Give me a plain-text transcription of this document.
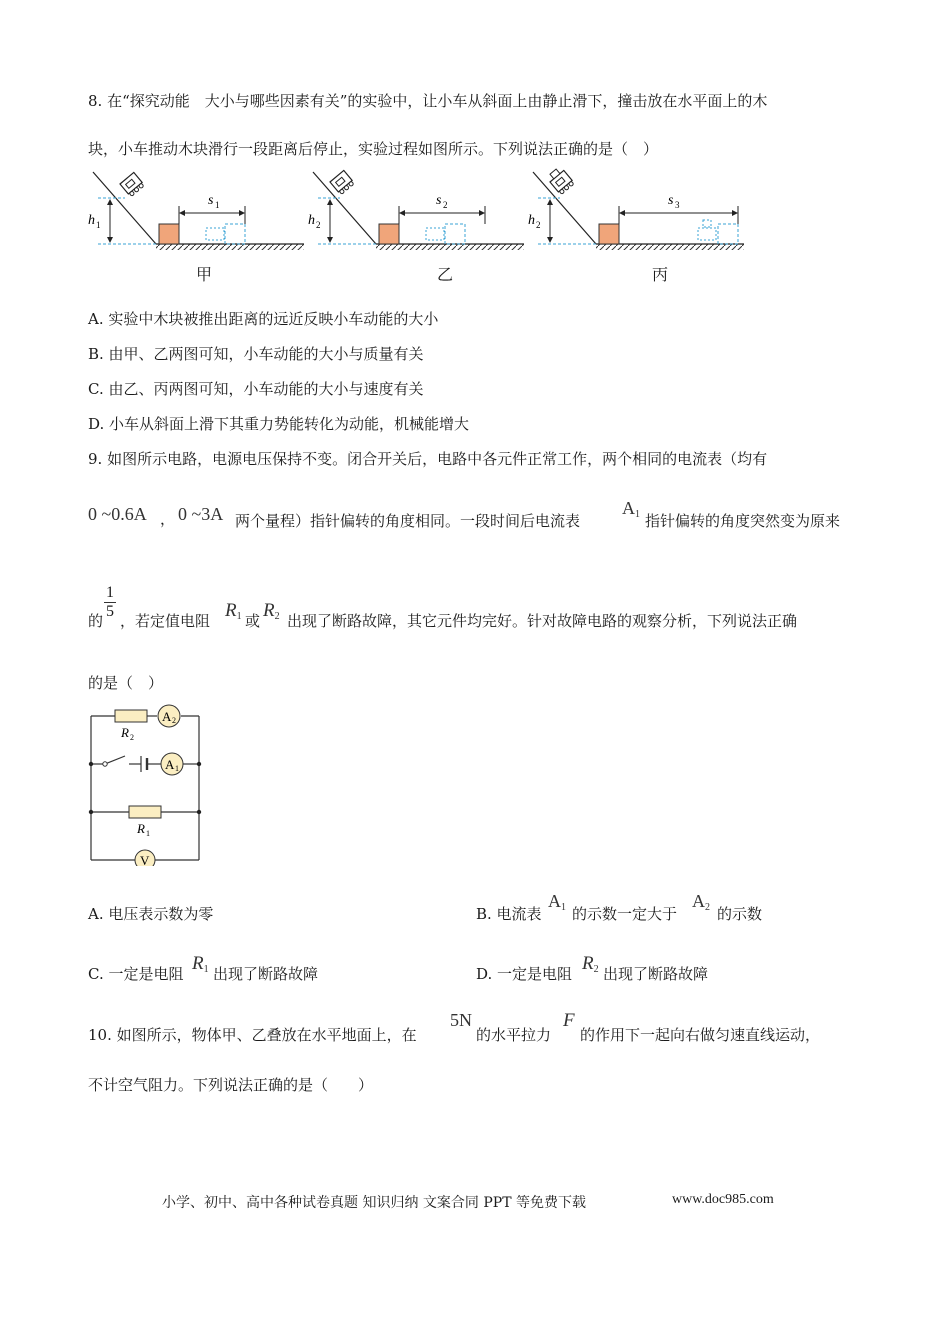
8. 在“探究动能　大小与哪些因素有关”的实验中，让小车从斜面上由静止滑下，撞击放在水平面上的木
块，小车推动木块滑行一段距离后停止，实验过程如图所示。下列说法正确的是（　）
h 1
s 1
h 2
s 2
h 2
s 3
甲	乙	丙
A. 实验中木块被推出距离的远近反映小车动能的大小
B. 由甲、乙两图可知，小车动能的大小与质量有关
C. 由乙、丙两图可知，小车动能的大小与速度有关
D. 小车从斜面上滑下其重力势能转化为动能，机械能增大
9. 如图所示电路，电源电压保持不变。闭合开关后，电路中各元件正常工作，两个相同的电流表（均有
0 ~0.6A ， 0 ~3A 两个量程）指针偏转的角度相同。一段时间后电流表
$A_1$ 指针偏转的角度突然变为原来
1
5
的 ，若定值电阻 $R_1$ 或 $R_2$ 出现了断路故障，其它元件均完好。针对故障电路的观察分析，下列说法正确
的是（　）
R 2
A 2
A 1
R 1
V
A. 电压表示数为零	B. 电流表
$A_1$ 的示数一定大于
$A_2$ 的示数
C. 一定是电阻 $R_1$ 出现了断路故障	D. 一定是电阻 $R_2$ 出现了断路故障
10. 如图所示，物体甲、乙叠放在水平地面上，在
5N
的水平拉力
F
的作用下一起向右做匀速直线运动，
不计空气阻力。下列说法正确的是（　　）
小学、初中、高中各种试卷真题 知识归纳 文案合同 PPT 等免费下载	www.doc985.com
